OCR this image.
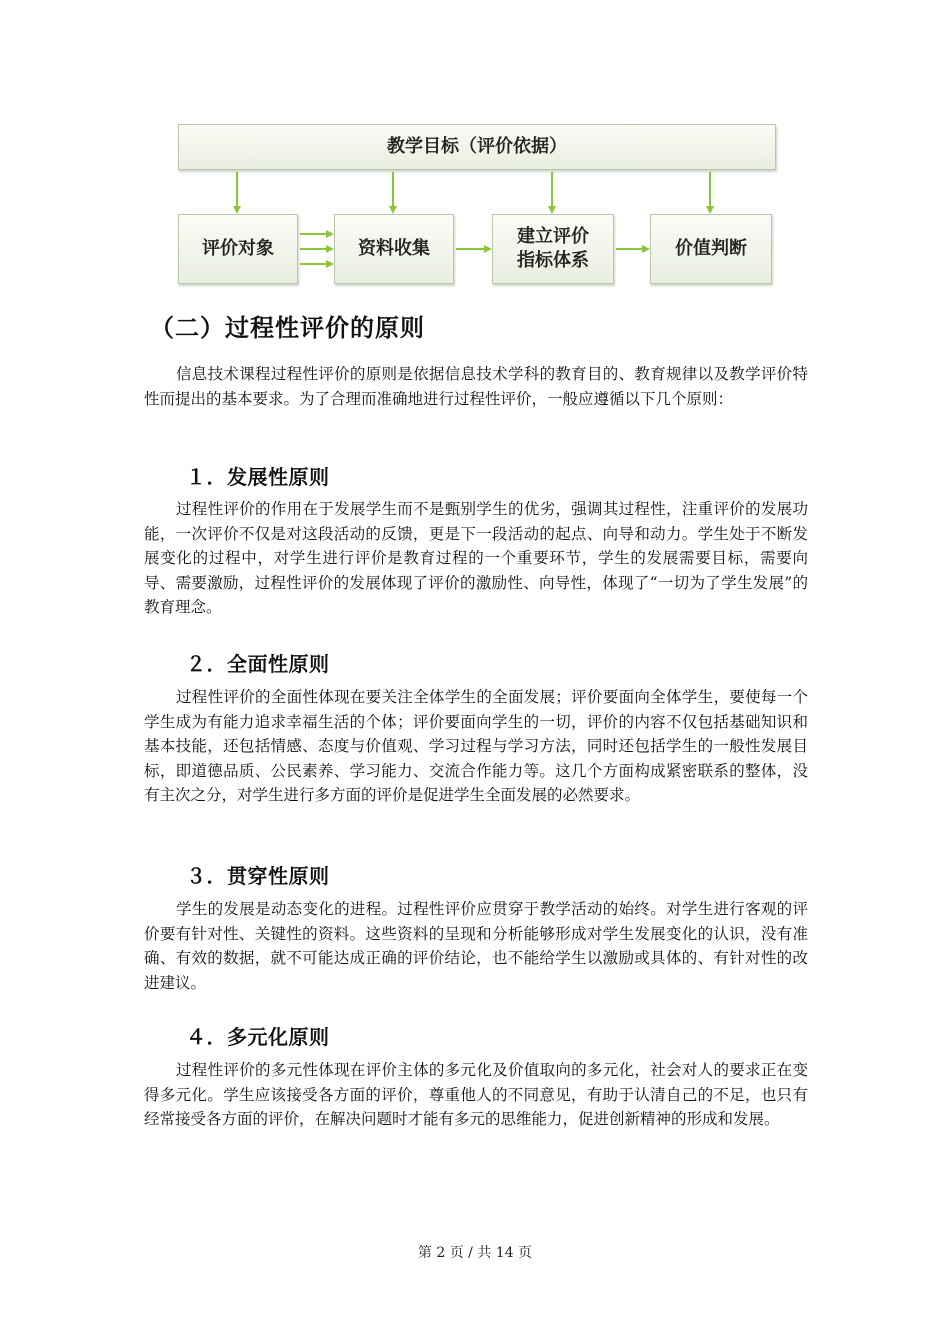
教学目标（评价依据）
评价对象	资料收集
建立评价
指标体系
价值判断
（二）过程性评价的原则
信息技术课程过程性评价的原则是依据信息技术学科的教育目的、教育规律以及教学评价特性而提出的基本要求。为了合理而准确地进行过程性评价，一般应遵循以下几个原则：
１．发展性原则
过程性评价的作用在于发展学生而不是甄别学生的优劣，强调其过程性，注重评价的发展功能，一次评价不仅是对这段活动的反馈，更是下一段活动的起点、向导和动力。学生处于不断发展变化的过程中，对学生进行评价是教育过程的一个重要环节，学生的发展需要目标，需要向导、需要激励，过程性评价的发展体现了评价的激励性、向导性，体现了“一切为了学生发展”的教育理念。
２．全面性原则
过程性评价的全面性体现在要关注全体学生的全面发展；评价要面向全体学生，要使每一个学生成为有能力追求幸福生活的个体；评价要面向学生的一切，评价的内容不仅包括基础知识和基本技能，还包括情感、态度与价值观、学习过程与学习方法，同时还包括学生的一般性发展目标，即道德品质、公民素养、学习能力、交流合作能力等。这几个方面构成紧密联系的整体，没有主次之分，对学生进行多方面的评价是促进学生全面发展的必然要求。
３．贯穿性原则
学生的发展是动态变化的进程。过程性评价应贯穿于教学活动的始终。对学生进行客观的评价要有针对性、关键性的资料。这些资料的呈现和分析能够形成对学生发展变化的认识，没有准确、有效的数据，就不可能达成正确的评价结论，也不能给学生以激励或具体的、有针对性的改进建议。
４．多元化原则
过程性评价的多元性体现在评价主体的多元化及价值取向的多元化，社会对人的要求正在变得多元化。学生应该接受各方面的评价，尊重他人的不同意见，有助于认清自己的不足，也只有经常接受各方面的评价，在解决问题时才能有多元的思维能力，促进创新精神的形成和发展。
第 2 页 / 共 14 页
